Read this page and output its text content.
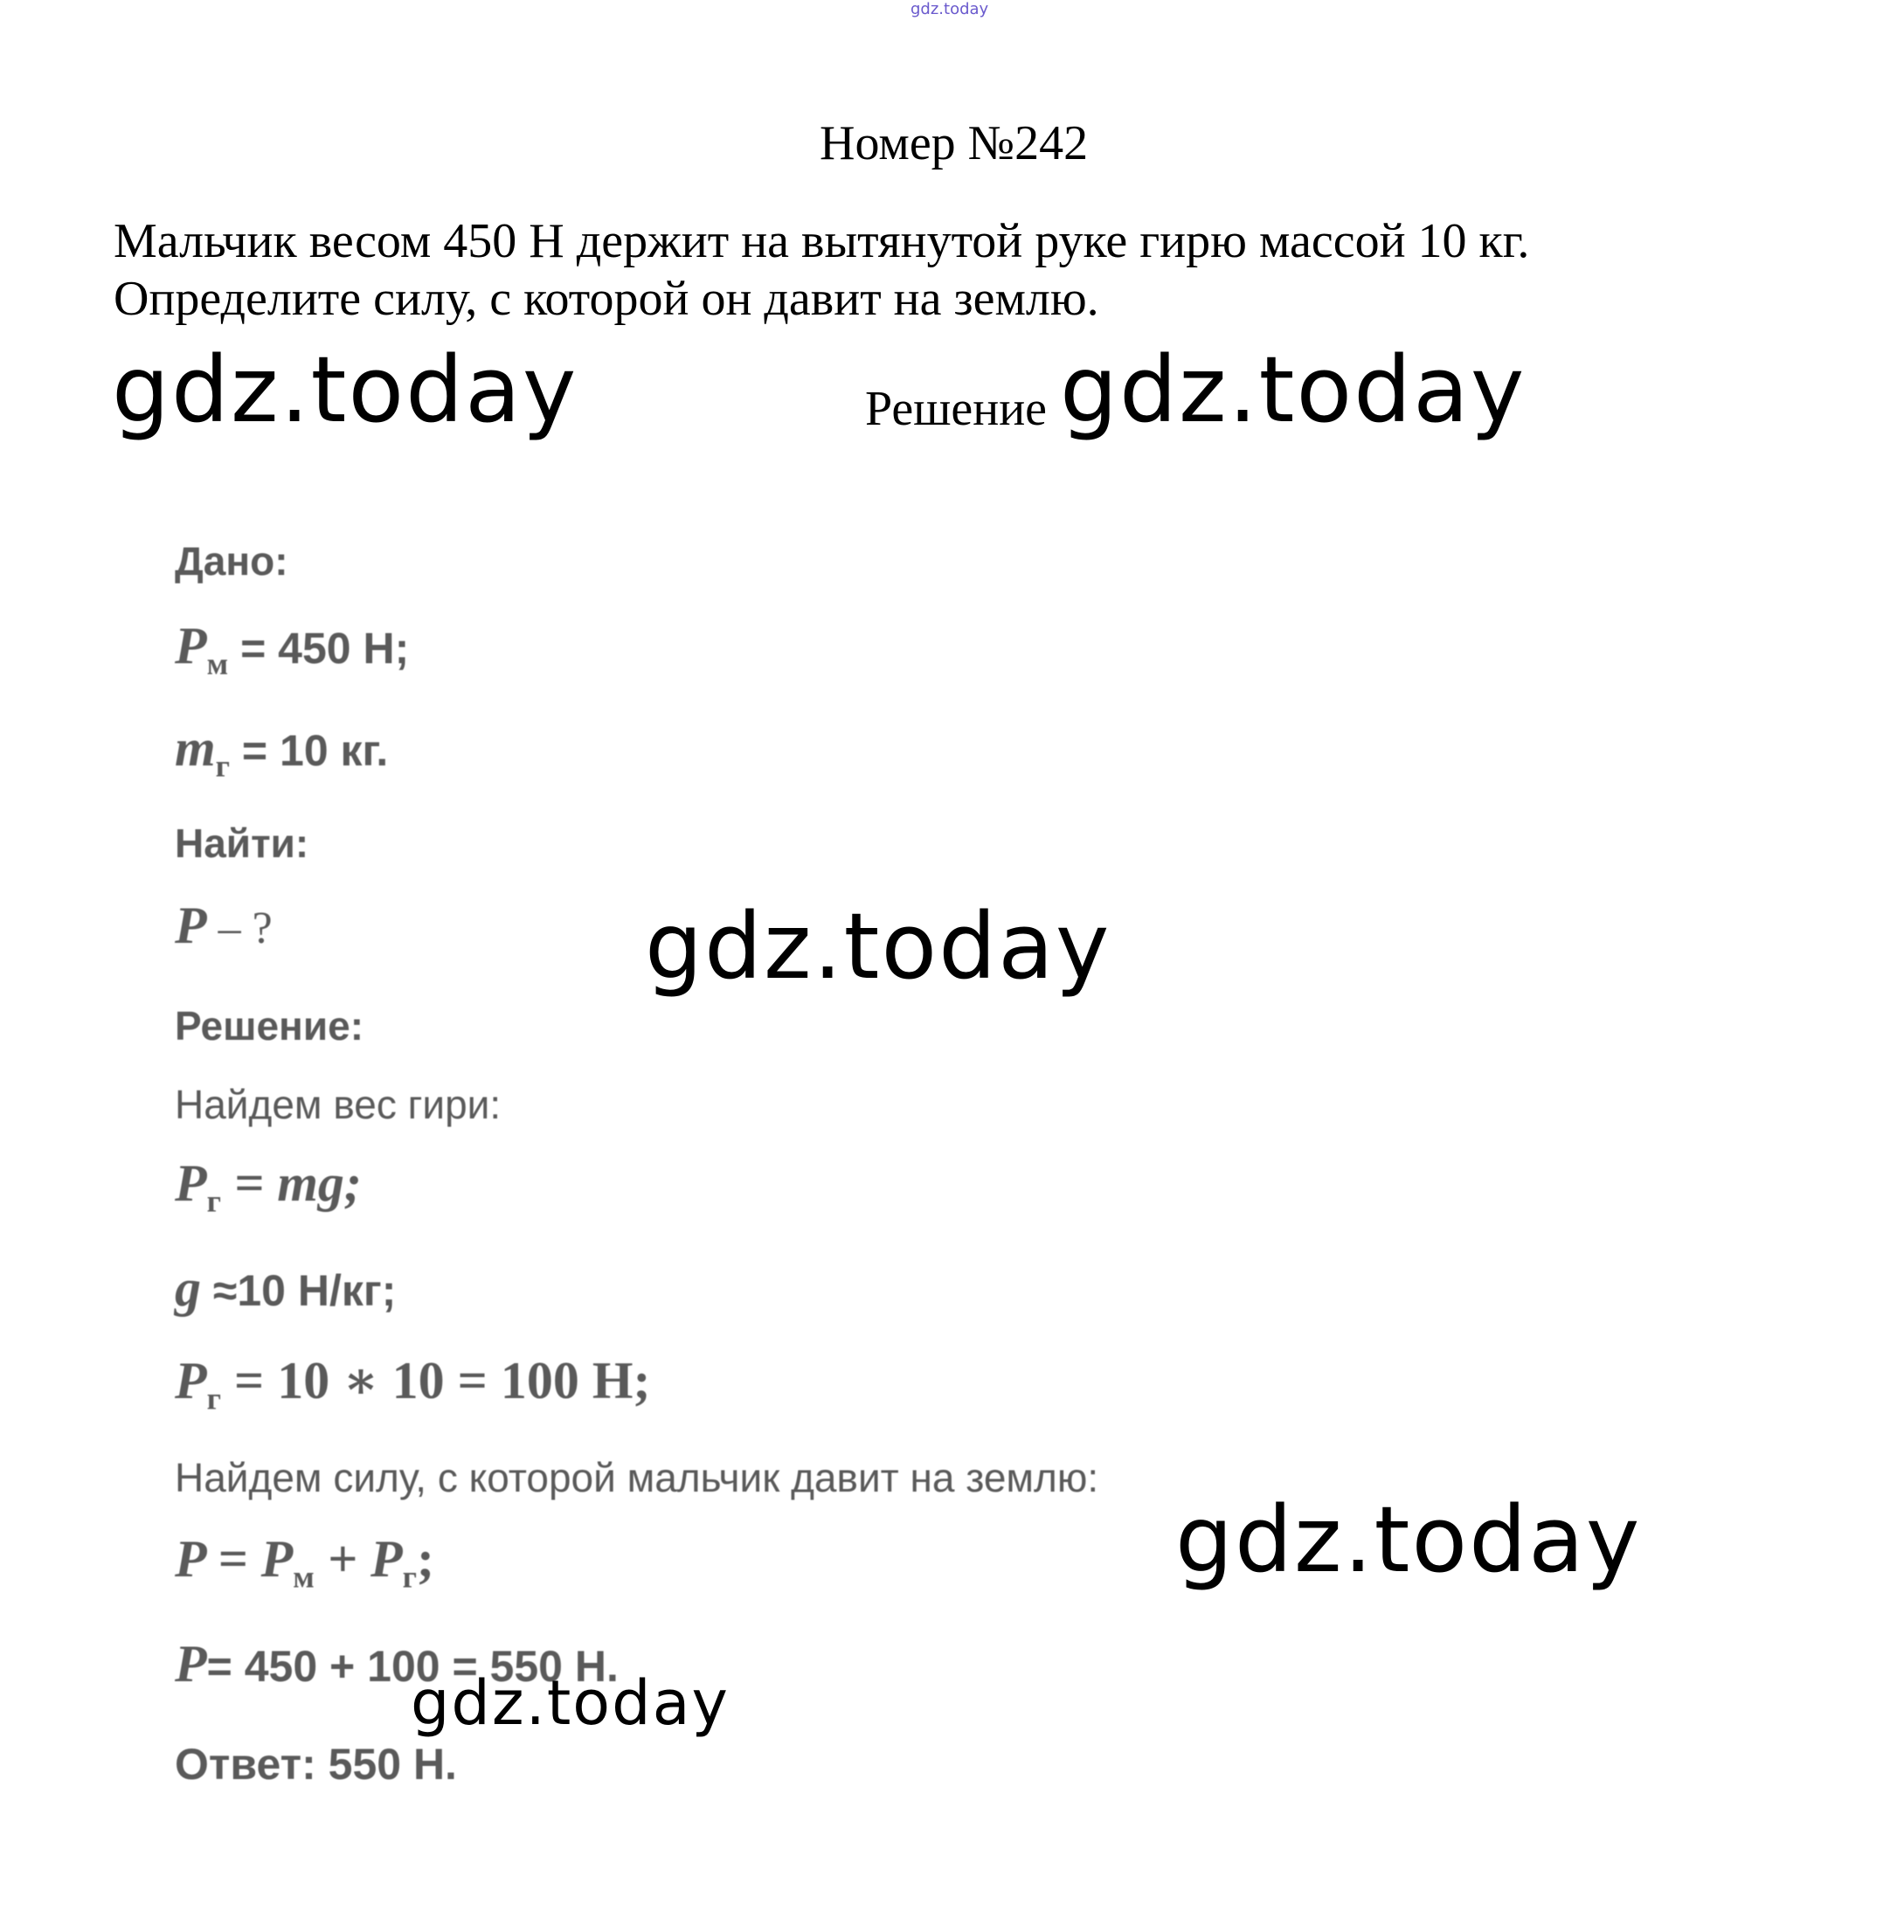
gdz.today
Номер №242
Мальчик весом 450 Н держит на вытянутой руке гирю массой 10 кг.
Определите силу, с которой он давит на землю.
gdz.today	Решение gdz.today
Дано:
$P_м = 450$ Н;
$m_г = 10$ кг.
Найти:
P – ?	gdz.today
Решение:
Найдем вес гири:
$P_г$ = mg;
g ≈10 Н/кг;
$P_г = 10$ ∗ 10 = 100 Н;
Найдем силу, с которой мальчик давит на землю:
$P = P_м + P_г$;	gdz.today
P= 450 + 100 = 550 Н.
gdz.today
Ответ: 550 Н.
